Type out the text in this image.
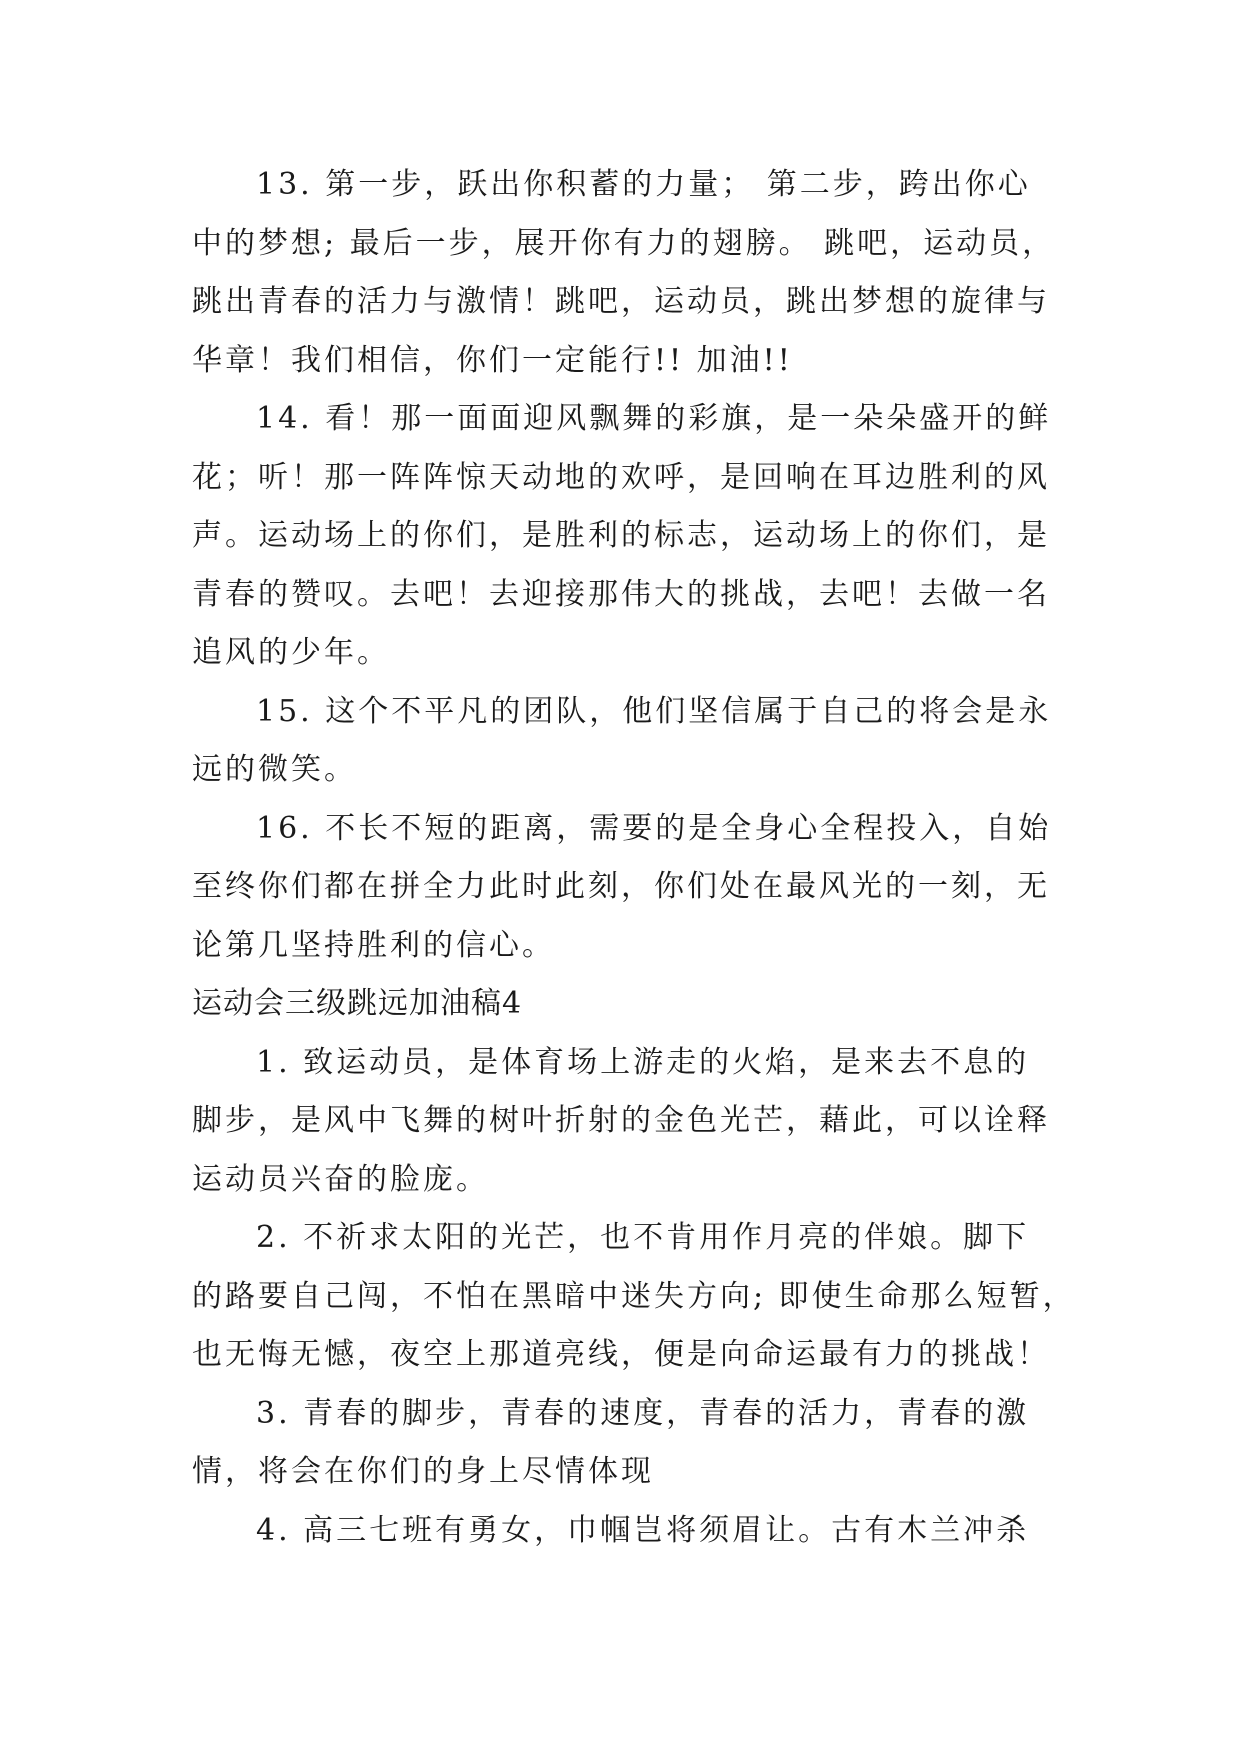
13. 第一步，跃出你积蓄的力量； 第二步，跨出你心
中的梦想; 最后一步，展开你有力的翅膀。 跳吧，运动员，
跳出青春的活力与激情！跳吧，运动员，跳出梦想的旋律与
华章！我们相信，你们一定能行!! 加油!!
14. 看！那一面面迎风飘舞的彩旗，是一朵朵盛开的鲜
花；听！那一阵阵惊天动地的欢呼，是回响在耳边胜利的风
声。运动场上的你们，是胜利的标志，运动场上的你们，是
青春的赞叹。去吧！去迎接那伟大的挑战，去吧！去做一名
追风的少年。
15. 这个不平凡的团队，他们坚信属于自己的将会是永
远的微笑。
16. 不长不短的距离，需要的是全身心全程投入，自始
至终你们都在拼全力此时此刻，你们处在最风光的一刻，无
论第几坚持胜利的信心。
运动会三级跳远加油稿4
1. 致运动员，是体育场上游走的火焰，是来去不息的
脚步，是风中飞舞的树叶折射的金色光芒，藉此，可以诠释
运动员兴奋的脸庞。
2. 不祈求太阳的光芒，也不肯用作月亮的伴娘。脚下
的路要自己闯，不怕在黑暗中迷失方向; 即使生命那么短暂，
也无悔无憾，夜空上那道亮线，便是向命运最有力的挑战！
3. 青春的脚步，青春的速度，青春的活力，青春的激
情，将会在你们的身上尽情体现
4. 高三七班有勇女，巾帼岂将须眉让。古有木兰冲杀
